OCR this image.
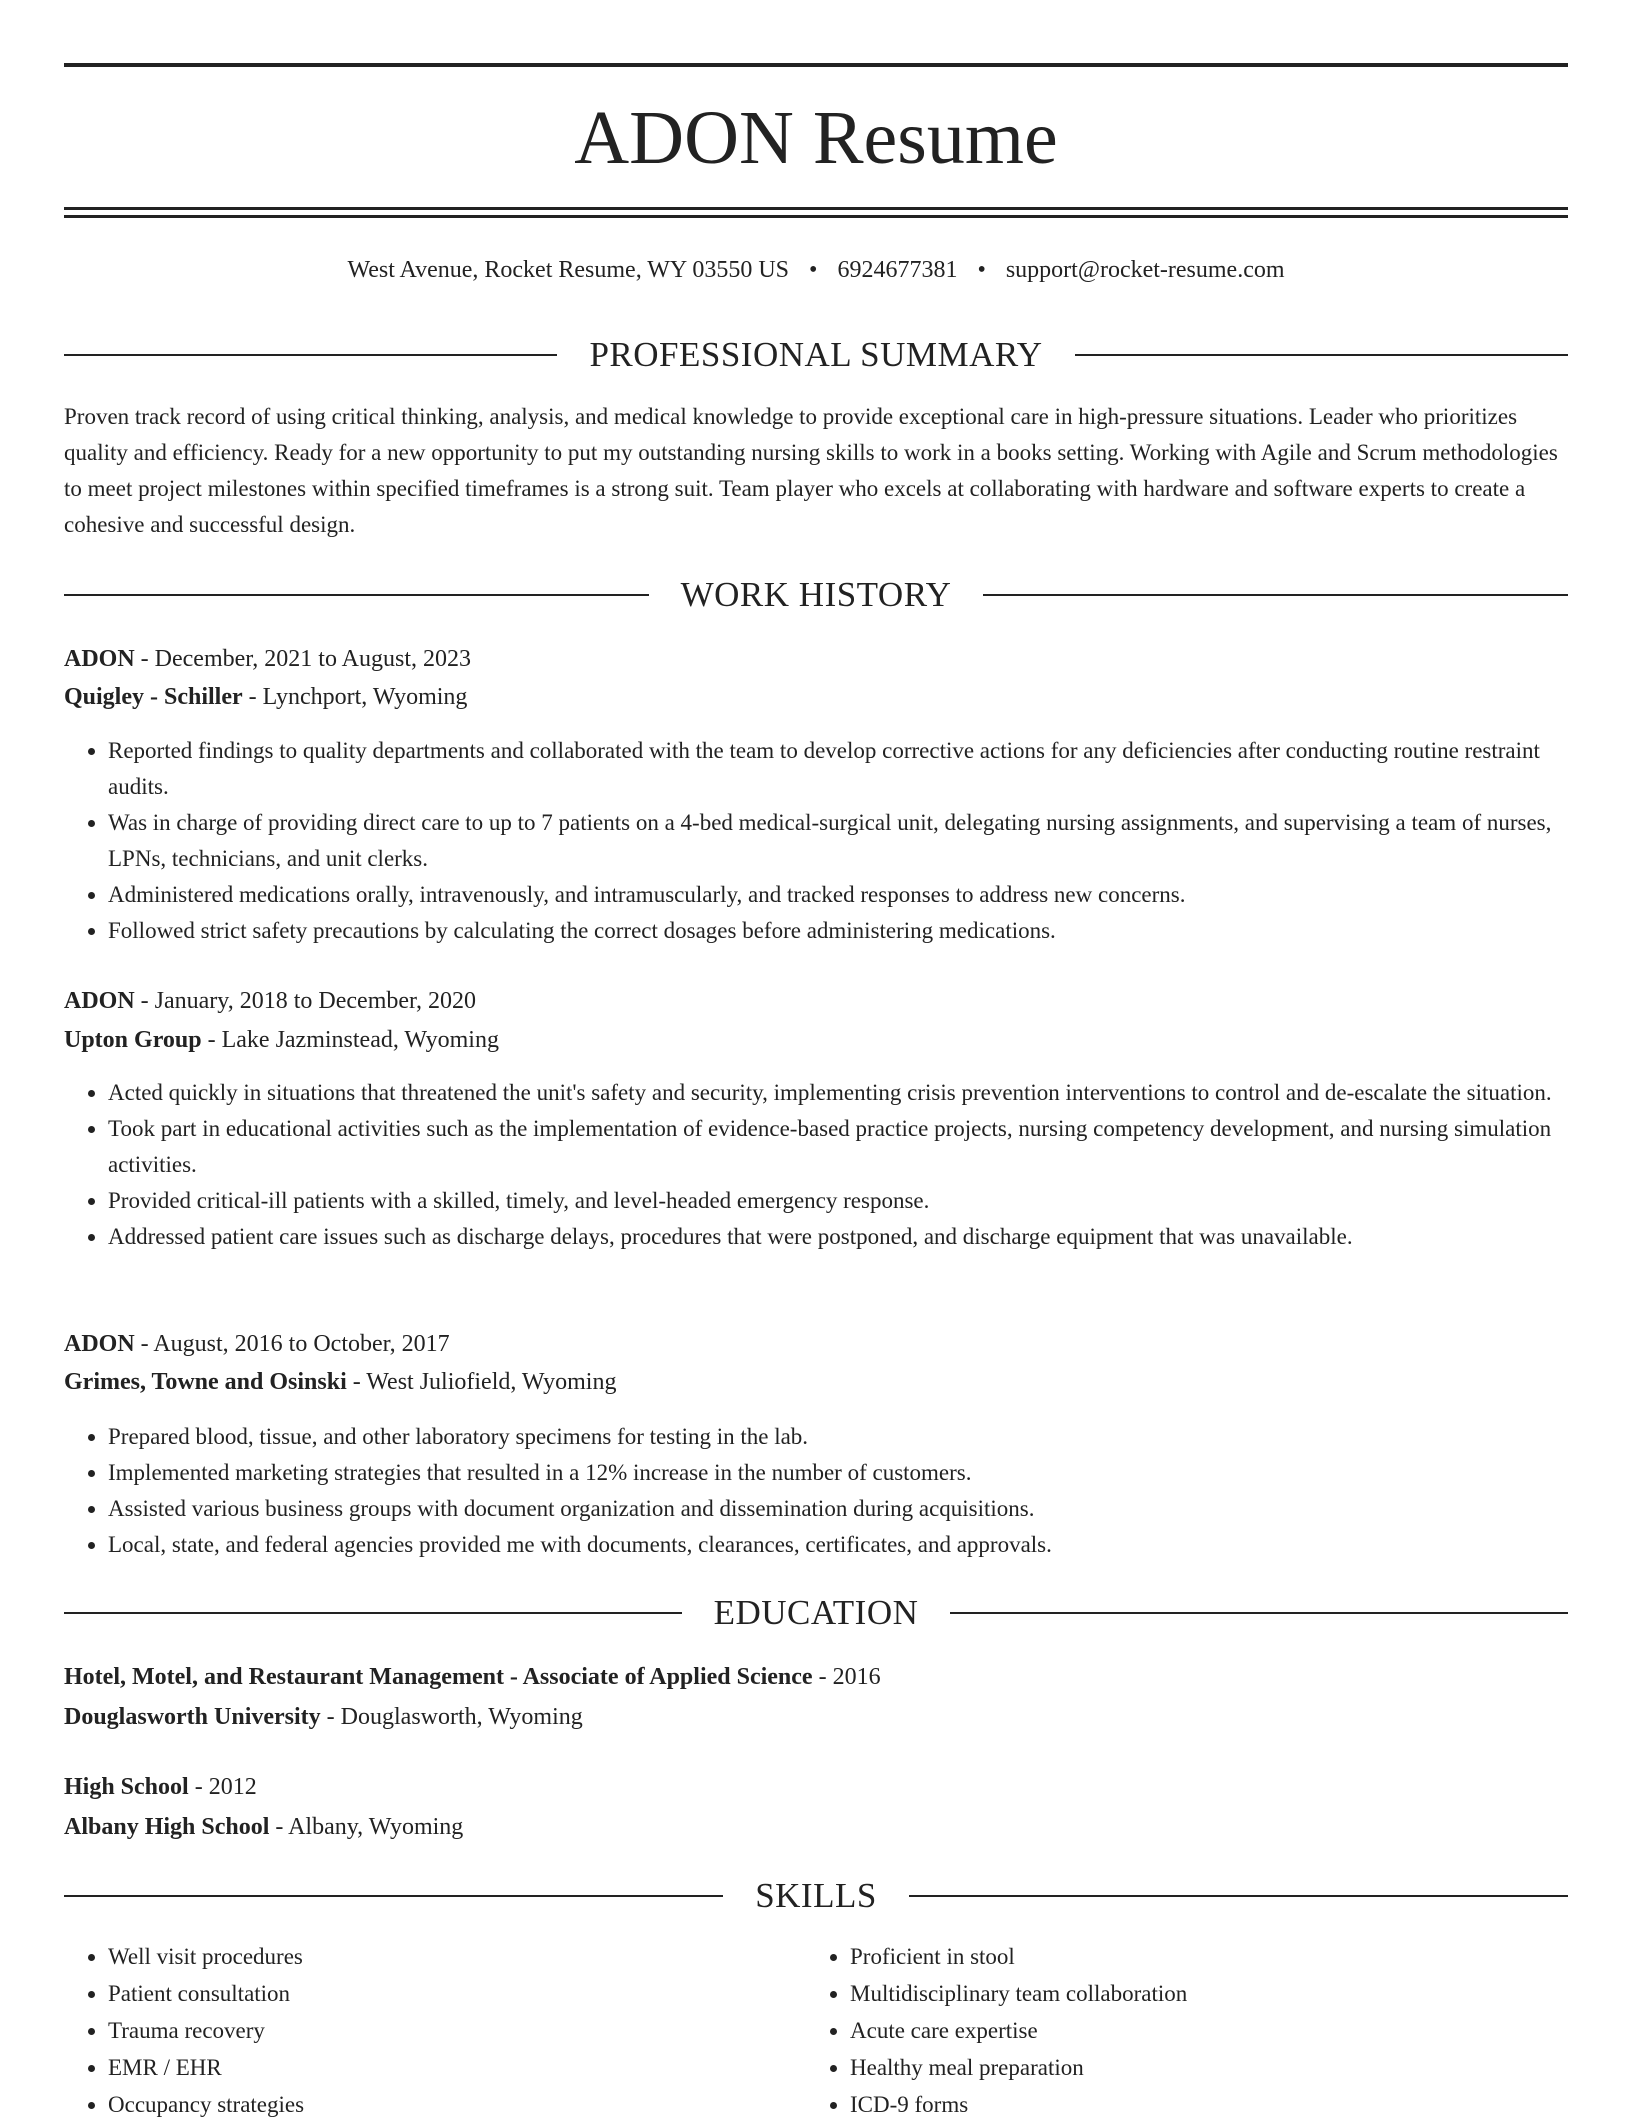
ADON Resume
West Avenue, Rocket Resume, WY 03550 US • 6924677381 • support@rocket-resume.com
PROFESSIONAL SUMMARY
Proven track record of using critical thinking, analysis, and medical knowledge to provide exceptional care in high-pressure situations. Leader who prioritizes quality and efficiency. Ready for a new opportunity to put my outstanding nursing skills to work in a books setting. Working with Agile and Scrum methodologies to meet project milestones within specified timeframes is a strong suit. Team player who excels at collaborating with hardware and software experts to create a cohesive and successful design.
WORK HISTORY
ADON - December, 2021 to August, 2023
Quigley - Schiller - Lynchport, Wyoming
• Reported findings to quality departments and collaborated with the team to develop corrective actions for any deficiencies after conducting routine restraint audits.
• Was in charge of providing direct care to up to 7 patients on a 4-bed medical-surgical unit, delegating nursing assignments, and supervising a team of nurses, LPNs, technicians, and unit clerks.
• Administered medications orally, intravenously, and intramuscularly, and tracked responses to address new concerns.
• Followed strict safety precautions by calculating the correct dosages before administering medications.
ADON - January, 2018 to December, 2020
Upton Group - Lake Jazminstead, Wyoming
• Acted quickly in situations that threatened the unit's safety and security, implementing crisis prevention interventions to control and de-escalate the situation.
• Took part in educational activities such as the implementation of evidence-based practice projects, nursing competency development, and nursing simulation activities.
• Provided critical-ill patients with a skilled, timely, and level-headed emergency response.
• Addressed patient care issues such as discharge delays, procedures that were postponed, and discharge equipment that was unavailable.
ADON - August, 2016 to October, 2017
Grimes, Towne and Osinski - West Juliofield, Wyoming
• Prepared blood, tissue, and other laboratory specimens for testing in the lab.
• Implemented marketing strategies that resulted in a 12% increase in the number of customers.
• Assisted various business groups with document organization and dissemination during acquisitions.
• Local, state, and federal agencies provided me with documents, clearances, certificates, and approvals.
EDUCATION
Hotel, Motel, and Restaurant Management - Associate of Applied Science - 2016
Douglasworth University - Douglasworth, Wyoming
High School - 2012
Albany High School - Albany, Wyoming
SKILLS
• Well visit procedures
• Patient consultation
• Trauma recovery
• EMR / EHR
• Occupancy strategies
• Proficient in stool
• Multidisciplinary team collaboration
• Acute care expertise
• Healthy meal preparation
• ICD-9 forms
